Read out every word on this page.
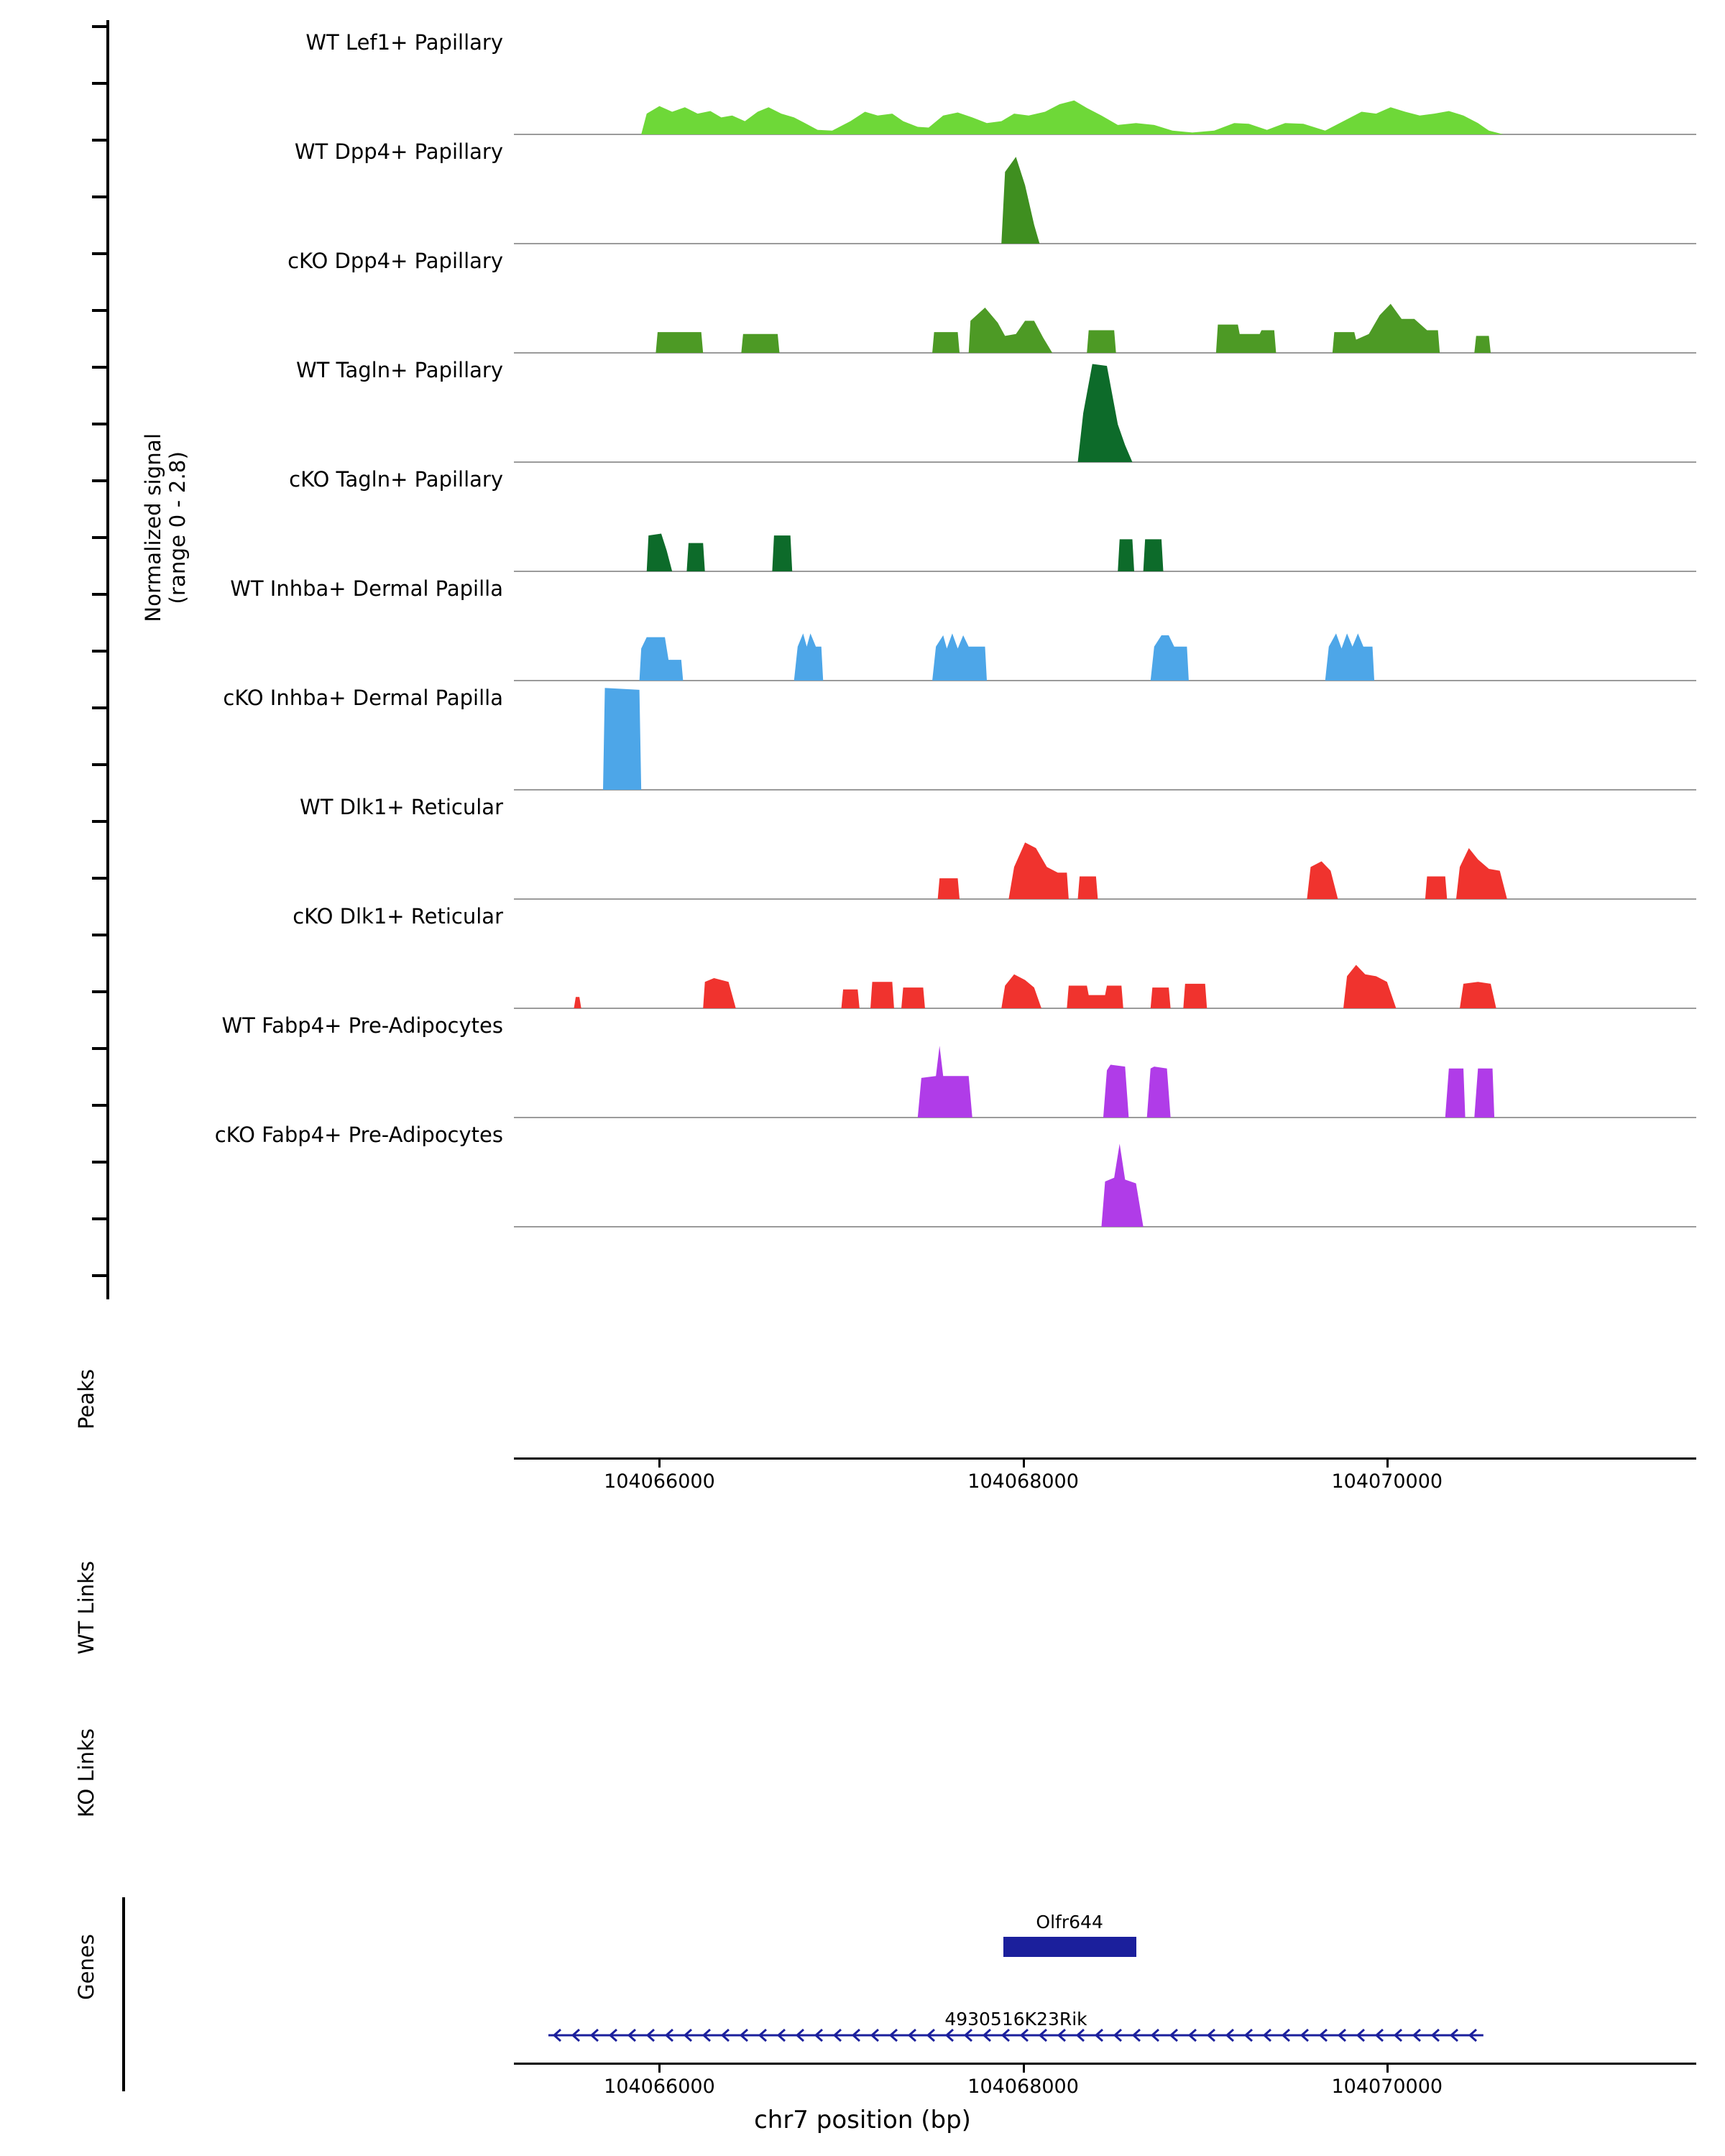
Normalized signal (range 0 - 2.8)
WT Lef1+ Papillary
WT Dpp4+ Papillary
cKO Dpp4+ Papillary
WT Tagln+ Papillary
cKO Tagln+ Papillary
WT Inhba+ Dermal Papilla
cKO Inhba+ Dermal Papilla
WT Dlk1+ Reticular
cKO Dlk1+ Reticular
WT Fabp4+ Pre-Adipocytes
cKO Fabp4+ Pre-Adipocytes
Peaks
WT Links
KO Links
Genes
104066000	104068000	104070000
Olfr644
4930516K23Rik
104066000	104068000	104070000
chr7 position (bp)
